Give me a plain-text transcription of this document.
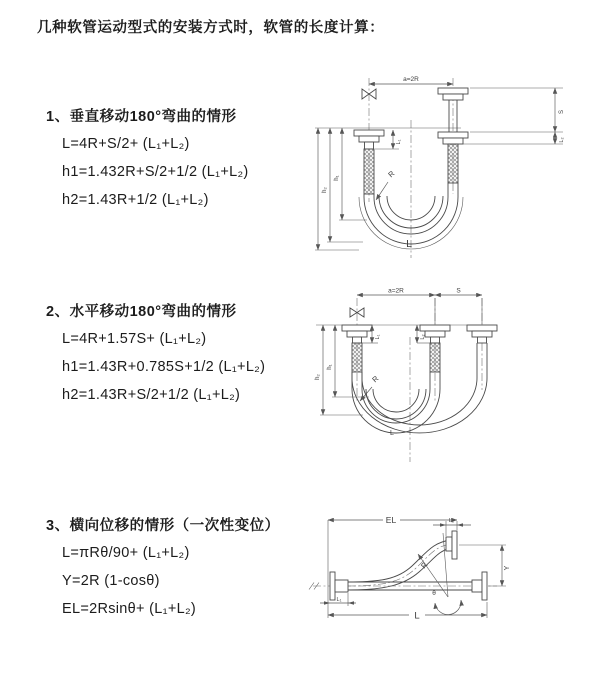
几种软管运动型式的安装方式时，软管的长度计算：
1、垂直移动180°弯曲的情形
L=4R+S/2+ (L₁+L₂)
h1=1.432R+S/2+1/2 (L₁+L₂)
h2=1.43R+1/2 (L₁+L₂)
2、水平移动180°弯曲的情形
L=4R+1.57S+ (L₁+L₂)
h1=1.43R+0.785S+1/2 (L₁+L₂)
h2=1.43R+S/2+1/2 (L₁+L₂)
3、横向位移的情形（一次性变位）
L=πRθ/90+ (L₁+L₂)
Y=2R (1-cosθ)
EL=2Rsinθ+ (L₁+L₂)
a=2R
h₁
h₂
L₁
S
L₂
R
L
a=2R	S
h₁
h₂
L₁	L₂
R
L
R
θ
EL	L₂
Y
L
L₁
